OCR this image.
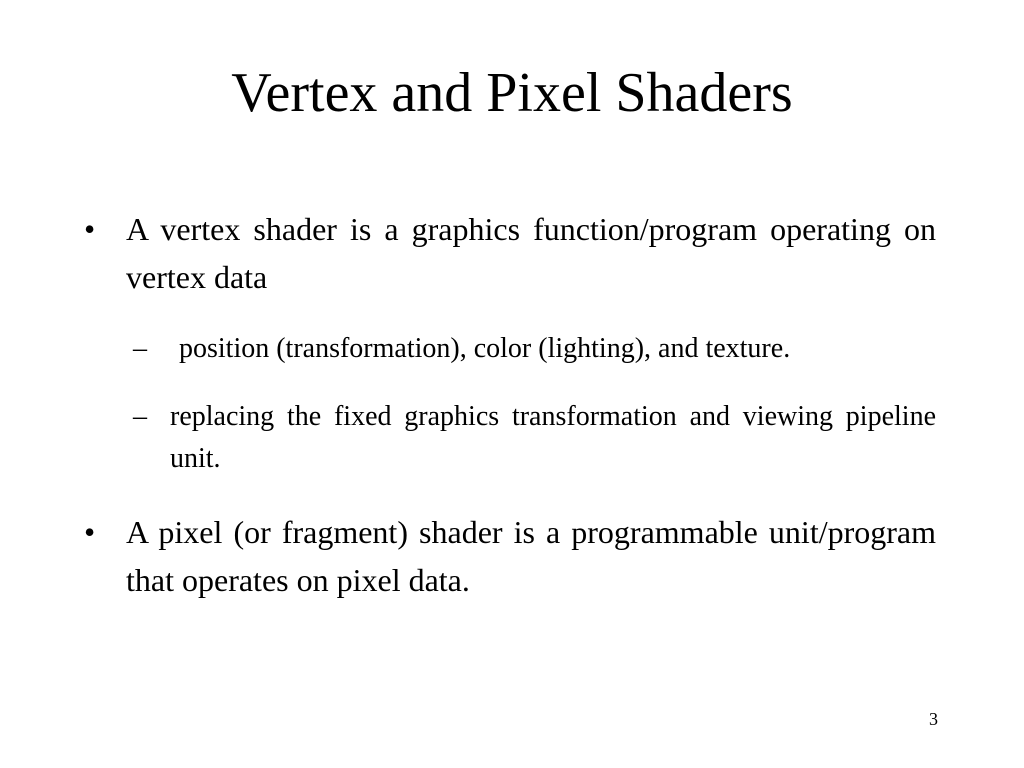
Vertex and Pixel Shaders
• A vertex shader is a graphics function/program operating on vertex data
–	position (transformation), color (lighting), and texture.
– replacing the fixed graphics transformation and viewing pipeline unit.
• A pixel (or fragment) shader is a programmable unit/program that operates on pixel data.
3
